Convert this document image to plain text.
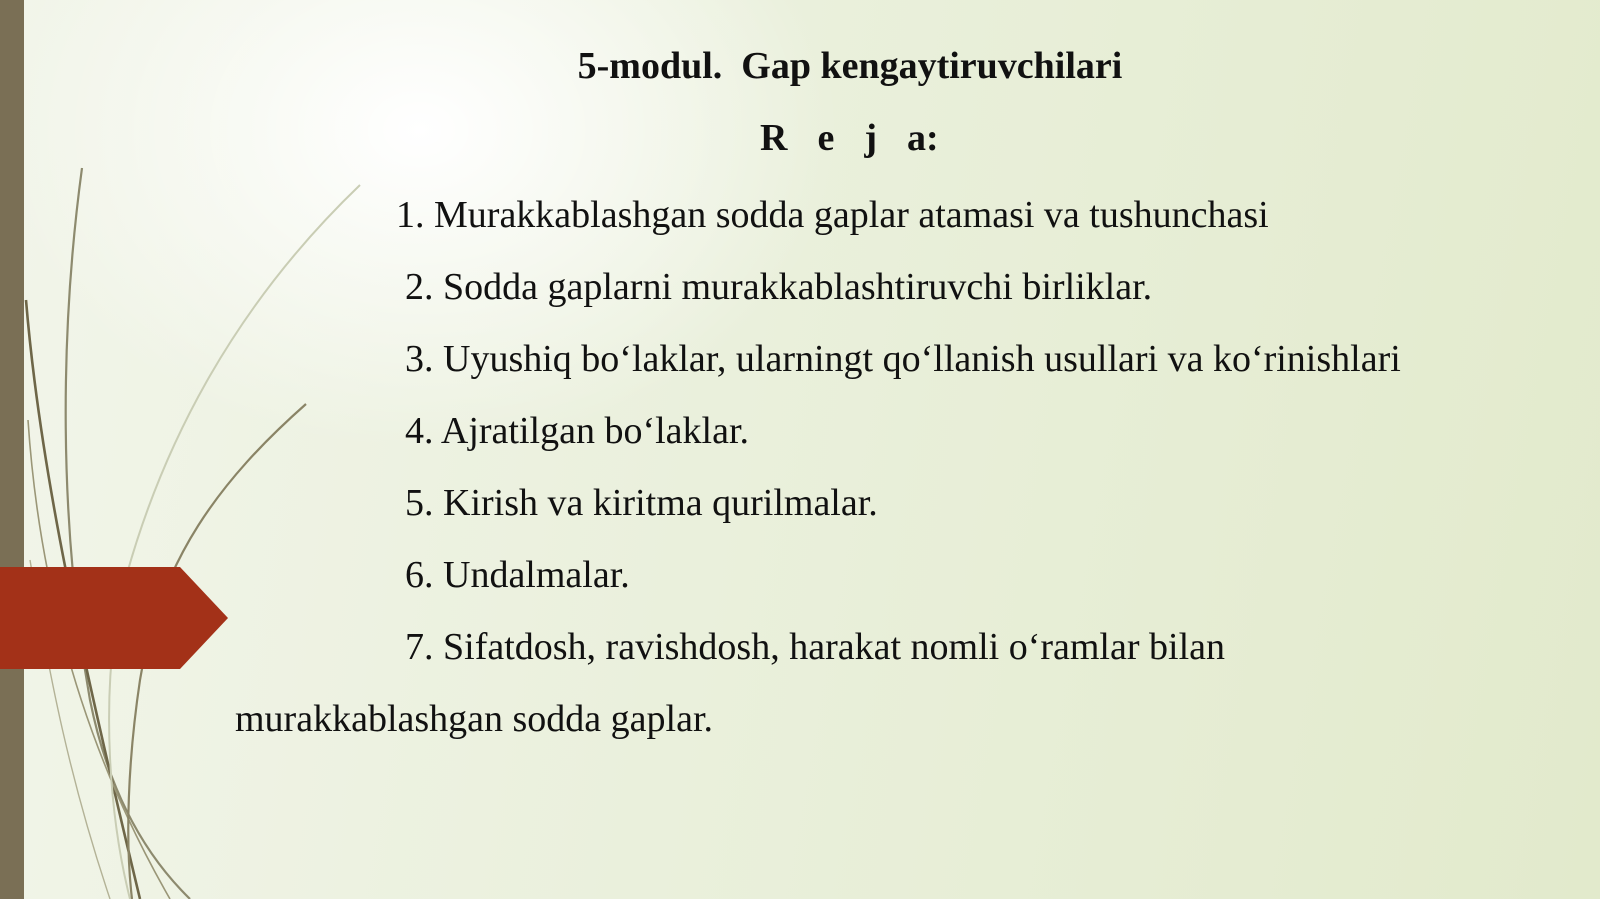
5-modul.  Gap kengaytiruvchilari
R e j a:
1. Murakkablashgan sodda gaplar atamasi va tushunchasi
2. Sodda gaplarni murakkablashtiruvchi birliklar.
3. Uyushiq bo‘laklar, ularningt qo‘llanish usullari va ko‘rinishlari
4. Ajratilgan bo‘laklar.
5. Kirish va kiritma qurilmalar.
6. Undalmalar.
7. Sifatdosh, ravishdosh, harakat nomli o‘ramlar bilan
murakkablashgan sodda gaplar.
